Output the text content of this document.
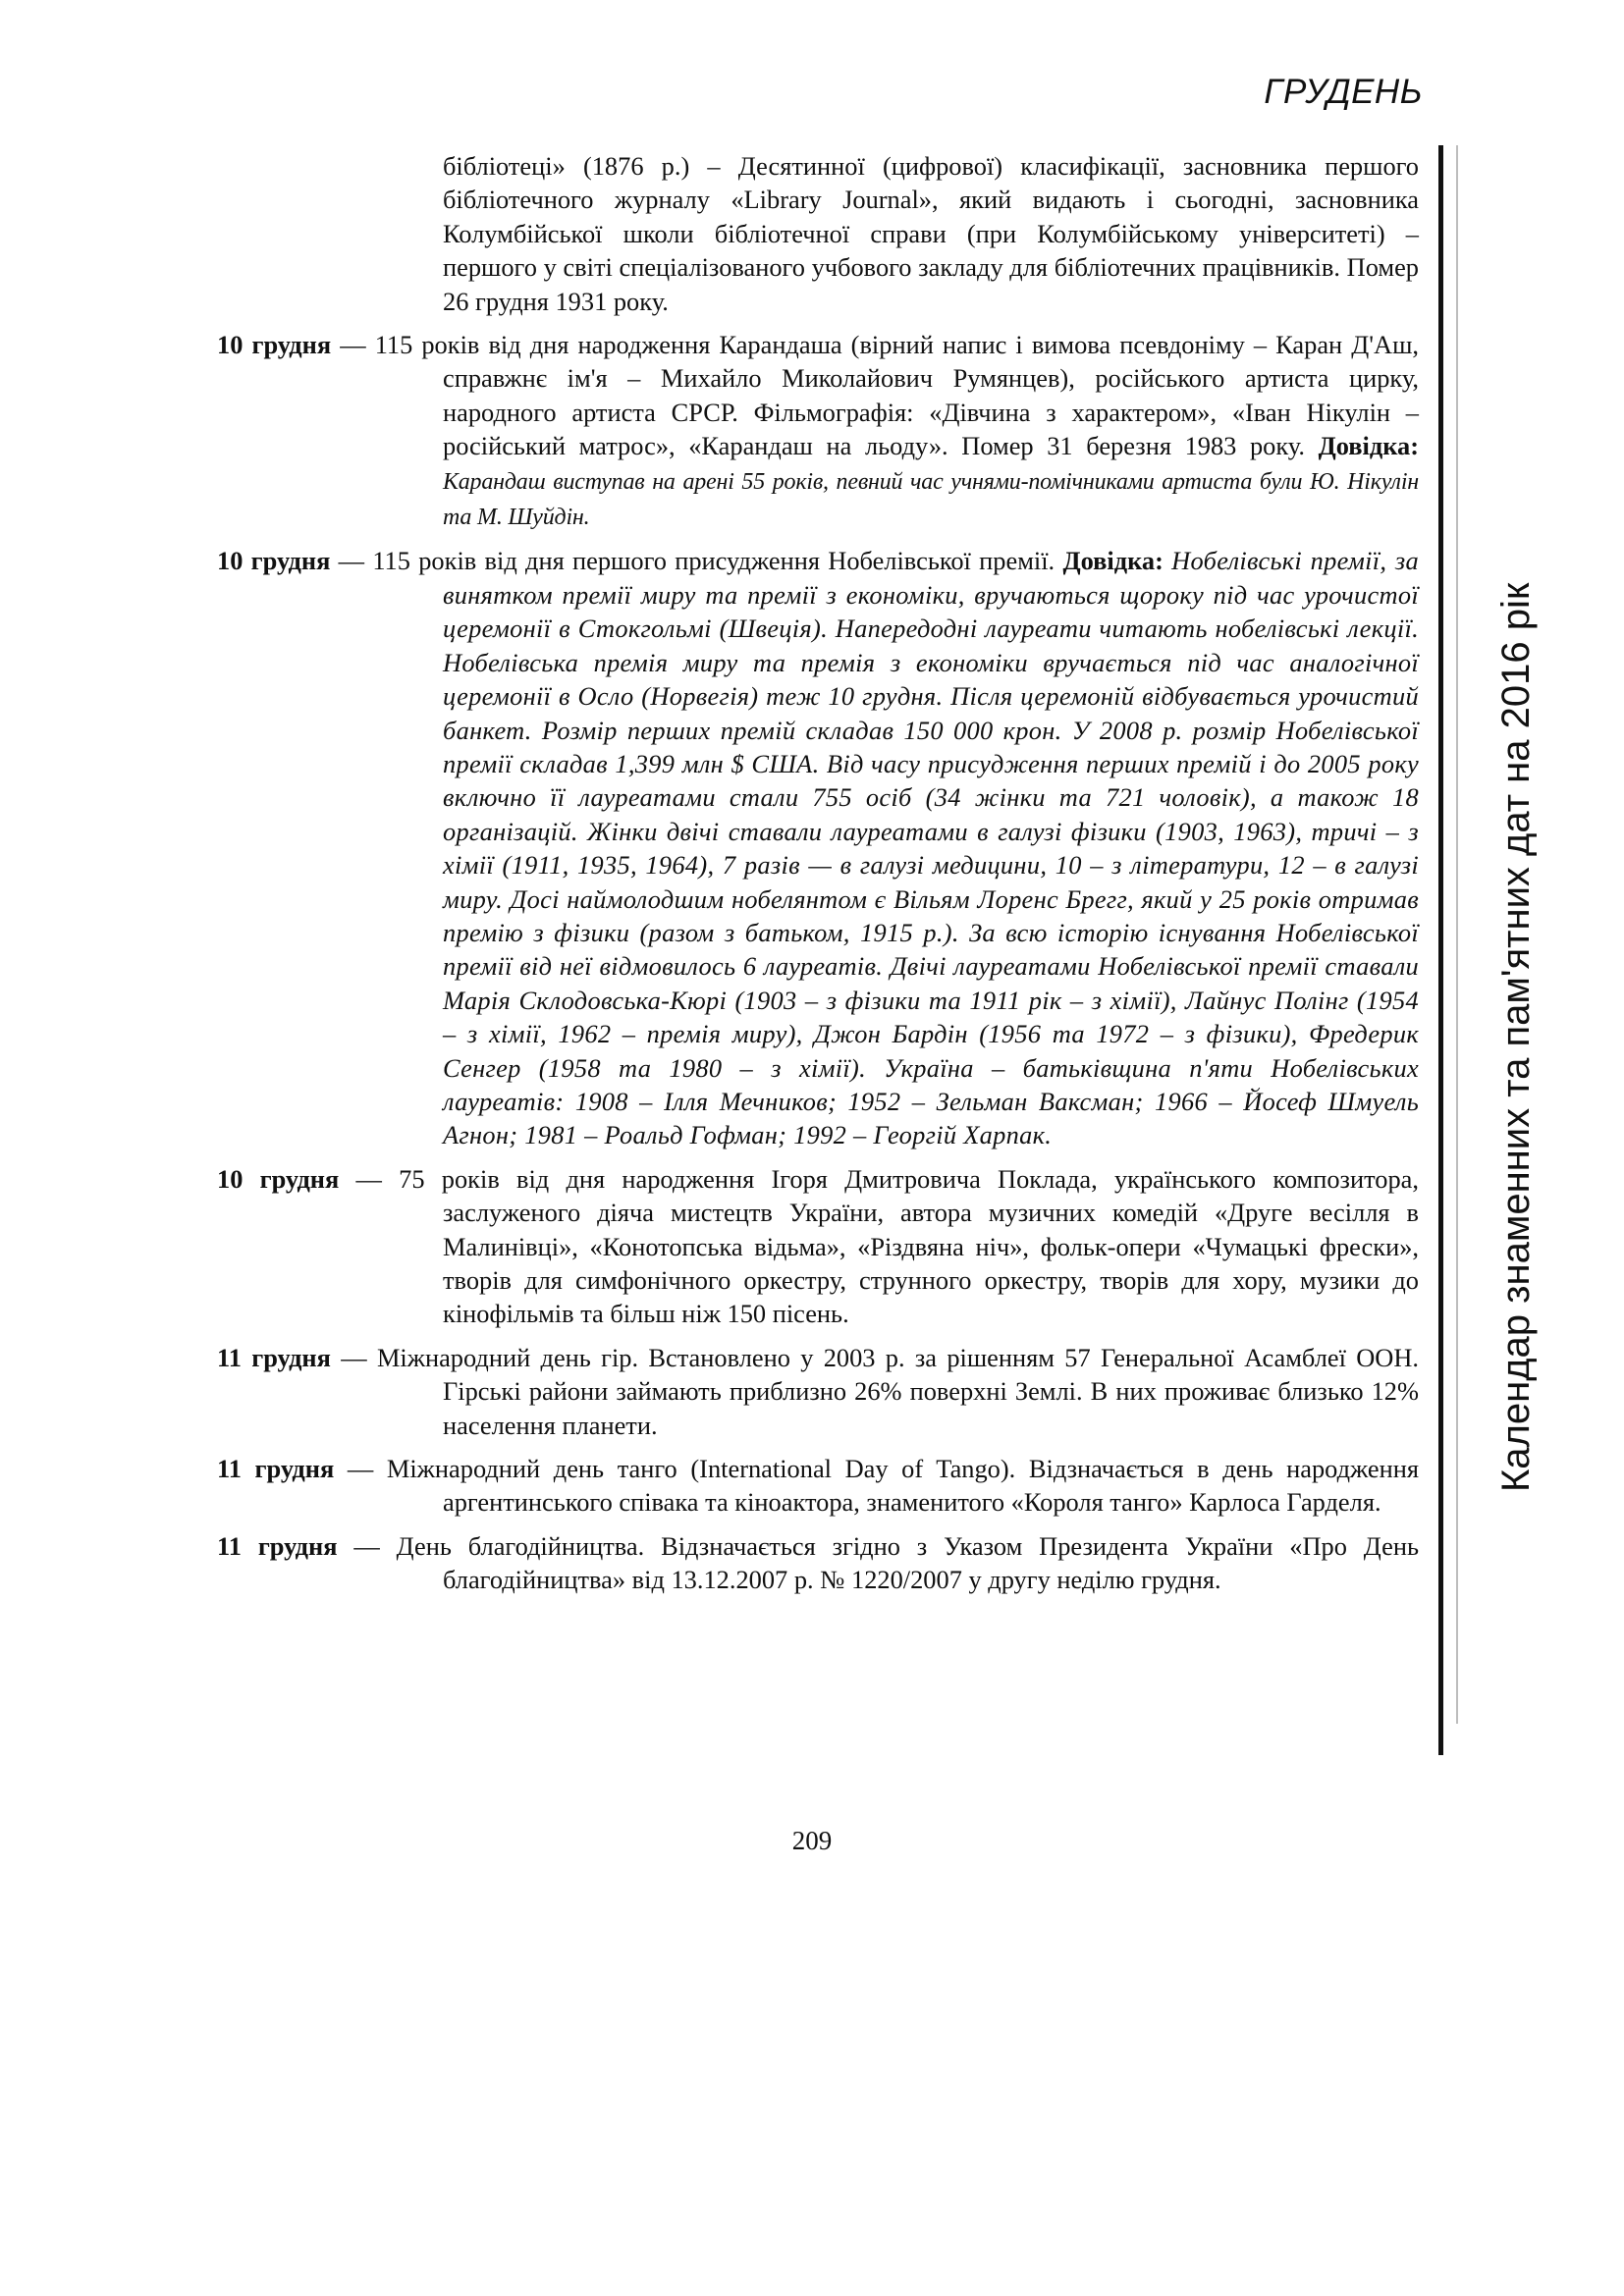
ГРУДЕНЬ
Календар знаменних та пам'ятних дат на 2016 рік

бібліотеці» (1876 р.) – Десятинної (цифрової) класифікації, засновника першого бібліотечного журналу «Library Journal», який видають і сьогодні, засновника Колумбійської школи бібліотечної справи (при Колумбійському університеті) – першого у світі спеціалізованого учбового закладу для бібліотечних працівників. Помер 26 грудня 1931 року.

10 грудня — 115 років від дня народження Карандаша (вірний напис і вимова псевдоніму – Каран Д'Аш, справжнє ім'я – Михайло Миколайович Румянцев), російського артиста цирку, народного артиста СРСР. Фільмографія: «Дівчина з характером», «Іван Нікулін – російський матрос», «Карандаш на льоду». Помер 31 березня 1983 року. Довідка: Карандаш виступав на арені 55 років, певний час учнями-помічниками артиста були Ю. Нікулін та М. Шуйдін.

10 грудня — 115 років від дня першого присудження Нобелівської премії. Довідка: Нобелівські премії, за винятком премії миру та премії з економіки, вручаються щороку під час урочистої церемонії в Стокгольмі (Швеція). Напередодні лауреати читають нобелівські лекції. Нобелівська премія миру та премія з економіки вручається під час аналогічної церемонії в Осло (Норвегія) теж 10 грудня. Після церемоній відбувається урочистий банкет. Розмір перших премій складав 150 000 крон. У 2008 р. розмір Нобелівської премії складав 1,399 млн $ США. Від часу присудження перших премій і до 2005 року включно її лауреатами стали 755 осіб (34 жінки та 721 чоловік), а також 18 організацій. Жінки двічі ставали лауреатами в галузі фізики (1903, 1963), тричі – з хімії (1911, 1935, 1964), 7 разів — в галузі медицини, 10 – з літератури, 12 – в галузі миру. Досі наймолодшим нобелянтом є Вільям Лоренс Брегг, який у 25 років отримав премію з фізики (разом з батьком, 1915 р.). За всю історію існування Нобелівської премії від неї відмовилось 6 лауреатів. Двічі лауреатами Нобелівської премії ставали Марія Склодовська-Кюрі (1903 – з фізики та 1911 рік – з хімії), Лайнус Полінг (1954 – з хімії, 1962 – премія миру), Джон Бардін (1956 та 1972 – з фізики), Фредерик Сенгер (1958 та 1980 – з хімії). Україна – батьківщина п'яти Нобелівських лауреатів: 1908 – Ілля Мечников; 1952 – Зельман Ваксман; 1966 – Йосеф Шмуель Агнон; 1981 – Роальд Гофман; 1992 – Георгій Харпак.

10 грудня — 75 років від дня народження Ігоря Дмитровича Поклада, українського композитора, заслуженого діяча мистецтв України, автора музичних комедій «Друге весілля в Малинівці», «Конотопська відьма», «Різдвяна ніч», фольк-опери «Чумацькі фрески», творів для симфонічного оркестру, струнного оркестру, творів для хору, музики до кінофільмів та більш ніж 150 пісень.

11 грудня — Міжнародний день гір. Встановлено у 2003 р. за рішенням 57 Генеральної Асамблеї ООН. Гірські райони займають приблизно 26% поверхні Землі. В них проживає близько 12% населення планети.

11 грудня — Міжнародний день танго (International Day of Tango). Відзначається в день народження аргентинського співака та кіноактора, знаменитого «Короля танго» Карлоса Гарделя.

11 грудня — День благодійництва. Відзначається згідно з Указом Президента України «Про День благодійництва» від 13.12.2007 р. № 1220/2007 у другу неділю грудня.

209
